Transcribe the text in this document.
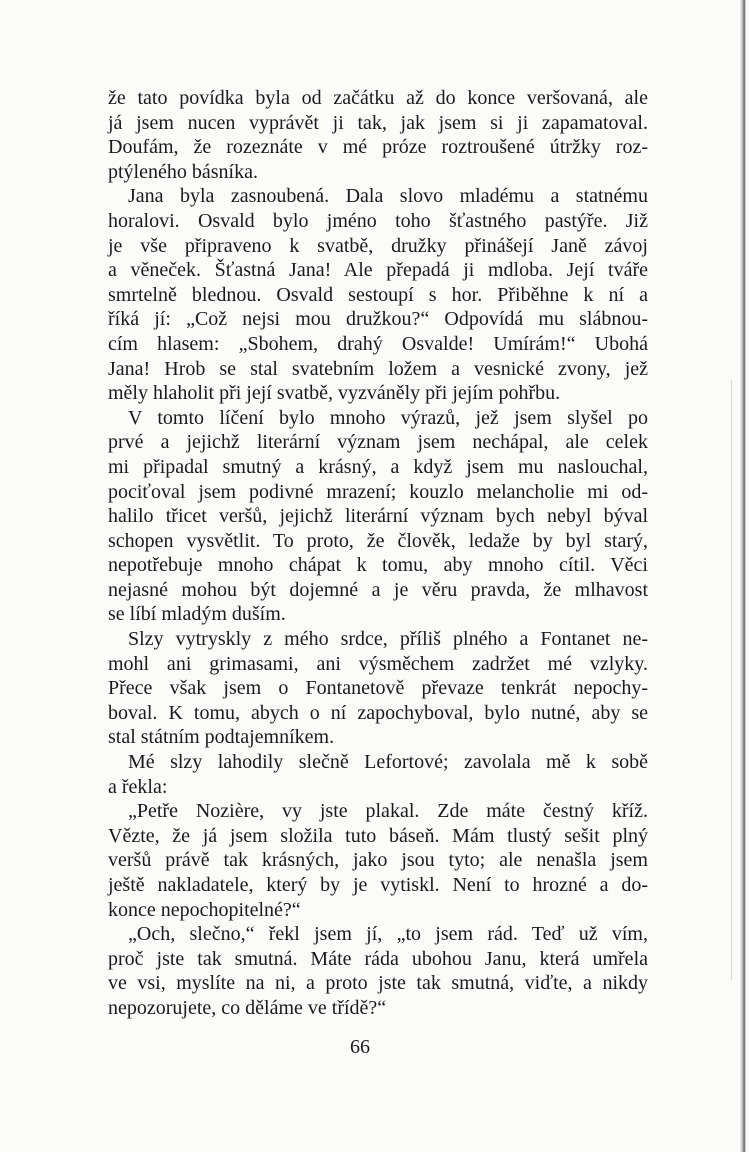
že tato povídka byla od začátku až do konce veršovaná, ale
já jsem nucen vyprávět ji tak, jak jsem si ji zapamatoval.
Doufám, že rozeznáte v mé próze roztroušené útržky roz-
ptýleného básníka.
Jana byla zasnoubená. Dala slovo mladému a statnému
horalovi. Osvald bylo jméno toho šťastného pastýře. Již
je vše připraveno k svatbě, družky přinášejí Janě závoj
a věneček. Šťastná Jana! Ale přepadá ji mdloba. Její tváře
smrtelně blednou. Osvald sestoupí s hor. Přiběhne k ní a
říká jí: „Což nejsi mou družkou?“ Odpovídá mu slábnou-
cím hlasem: „Sbohem, drahý Osvalde! Umírám!“ Ubohá
Jana! Hrob se stal svatebním ložem a vesnické zvony, jež
měly hlaholit při její svatbě, vyzváněly při jejím pohřbu.
V tomto líčení bylo mnoho výrazů, jež jsem slyšel po
prvé a jejichž literární význam jsem nechápal, ale celek
mi připadal smutný a krásný, a když jsem mu naslouchal,
pociťoval jsem podivné mrazení; kouzlo melancholie mi od-
halilo třicet veršů, jejichž literární význam bych nebyl býval
schopen vysvětlit. To proto, že člověk, ledaže by byl starý,
nepotřebuje mnoho chápat k tomu, aby mnoho cítil. Věci
nejasné mohou být dojemné a je věru pravda, že mlhavost
se líbí mladým duším.
Slzy vytryskly z mého srdce, příliš plného a Fontanet ne-
mohl ani grimasami, ani výsměchem zadržet mé vzlyky.
Přece však jsem o Fontanetově převaze tenkrát nepochy-
boval. K tomu, abych o ní zapochyboval, bylo nutné, aby se
stal státním podtajemníkem.
Mé slzy lahodily slečně Lefortové; zavolala mě k sobě
a řekla:
„Petře Nozière, vy jste plakal. Zde máte čestný kříž.
Vězte, že já jsem složila tuto báseň. Mám tlustý sešit plný
veršů právě tak krásných, jako jsou tyto; ale nenašla jsem
ještě nakladatele, který by je vytiskl. Není to hrozné a do-
konce nepochopitelné?“
„Och, slečno,“ řekl jsem jí, „to jsem rád. Teď už vím,
proč jste tak smutná. Máte ráda ubohou Janu, která umřela
ve vsi, myslíte na ni, a proto jste tak smutná, viďte, a nikdy
nepozorujete, co děláme ve třídě?“
66
